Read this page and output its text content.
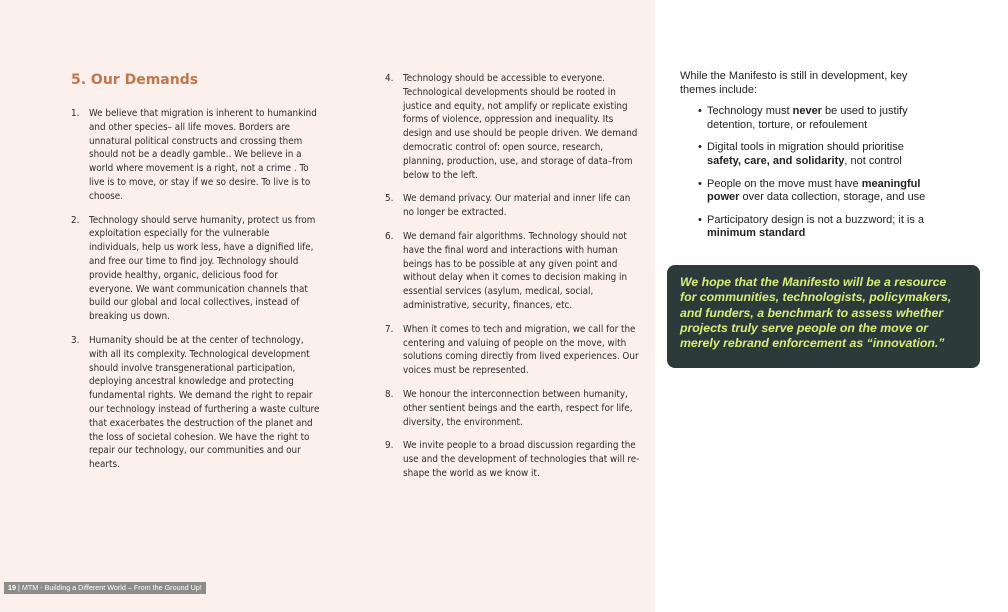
5. Our Demands
1. We believe that migration is inherent to humankind and other species– all life moves. Borders are unnatural political constructs and crossing them should not be a deadly gamble.. We believe in a world where movement is a right, not a crime . To live is to move, or stay if we so desire. To live is to choose.
2. Technology should serve humanity, protect us from exploitation especially for the vulnerable individuals, help us work less, have a dignified life, and free our time to find joy. Technology should provide healthy, organic, delicious food for everyone. We want communication channels that build our global and local collectives, instead of breaking us down.
3. Humanity should be at the center of technology, with all its complexity. Technological development should involve transgenerational participation, deploying ancestral knowledge and protecting fundamental rights. We demand the right to repair our technology instead of furthering a waste culture that exacerbates the destruction of the planet and the loss of societal cohesion. We have the right to repair our technology, our communities and our hearts.
4. Technology should be accessible to everyone. Technological developments should be rooted in justice and equity, not amplify or replicate existing forms of violence, oppression and inequality. Its design and use should be people driven. We demand democratic control of: open source, research, planning, production, use, and storage of data–from below to the left.
5. We demand privacy. Our material and inner life can no longer be extracted.
6. We demand fair algorithms. Technology should not have the final word and interactions with human beings has to be possible at any given point and without delay when it comes to decision making in essential services (asylum, medical, social, administrative, security, finances, etc.
7. When it comes to tech and migration, we call for the centering and valuing of people on the move, with solutions coming directly from lived experiences. Our voices must be represented.
8. We honour the interconnection between humanity, other sentient beings and the earth, respect for life, diversity, the environment.
9. We invite people to a broad discussion regarding the use and the development of technologies that will re-shape the world as we know it.
19 | MTM - Building a Different World – From the Ground Up!

While the Manifesto is still in development, key themes include:

• Technology must never be used to justify detention, torture, or refoulement
• Digital tools in migration should prioritise safety, care, and solidarity, not control
• People on the move must have meaningful power over data collection, storage, and use
• Participatory design is not a buzzword; it is a minimum standard
We hope that the Manifesto will be a resource for communities, technologists, policymakers, and funders, a benchmark to assess whether projects truly serve people on the move or merely rebrand enforcement as “innovation.”
